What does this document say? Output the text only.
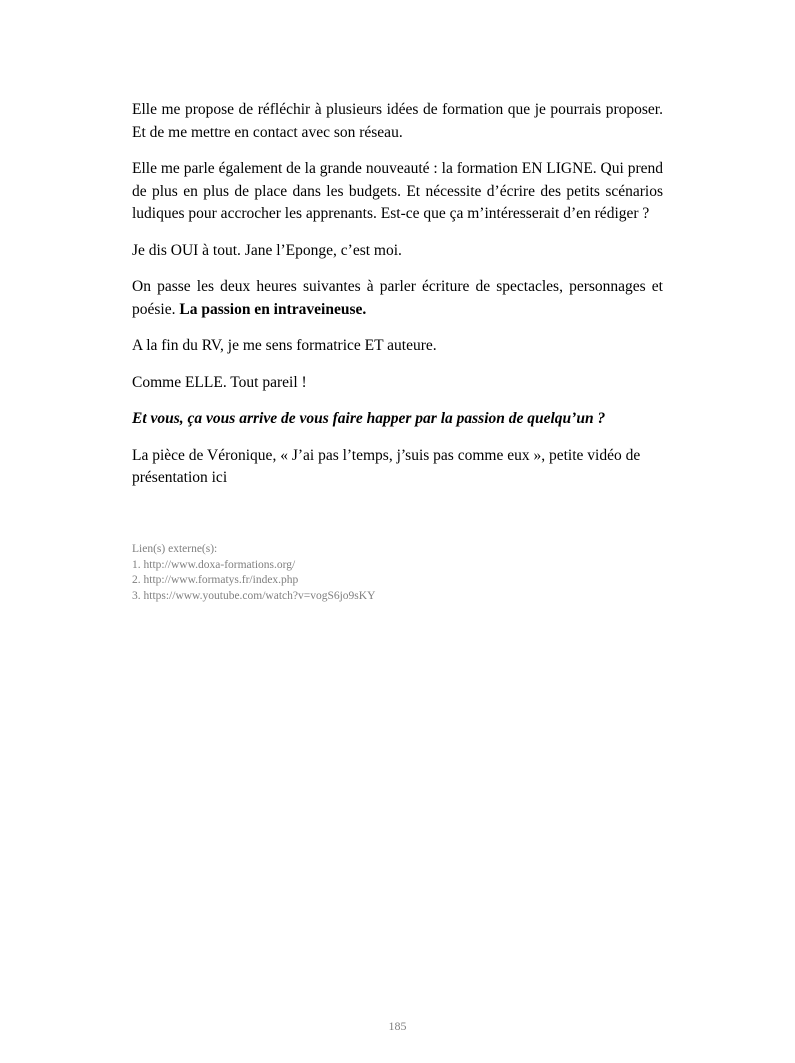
Elle me propose de réfléchir à plusieurs idées de formation que je pourrais proposer. Et de me mettre en contact avec son réseau.

Elle me parle également de la grande nouveauté : la formation EN LIGNE. Qui prend de plus en plus de place dans les budgets. Et nécessite d’écrire des petits scénarios ludiques pour accrocher les apprenants. Est-ce que ça m’intéresserait d’en rédiger ?

Je dis OUI à tout. Jane l’Eponge, c’est moi.

On passe les deux heures suivantes à parler écriture de spectacles, personnages et poésie. La passion en intraveineuse.

A la fin du RV, je me sens formatrice ET auteure.

Comme ELLE. Tout pareil !

Et vous, ça vous arrive de vous faire happer par la passion de quelqu’un ?

La pièce de Véronique, « J’ai pas l’temps, j’suis pas comme eux », petite vidéo de présentation ici

Lien(s) externe(s):
1. http://www.doxa-formations.org/
2. http://www.formatys.fr/index.php
3. https://www.youtube.com/watch?v=vogS6jo9sKY
185
